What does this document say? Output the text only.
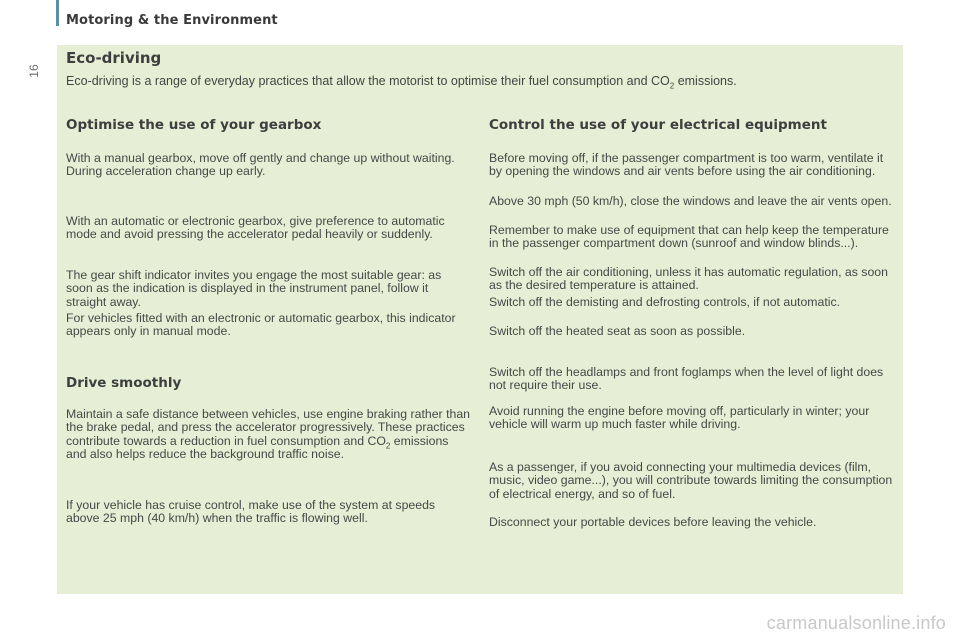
Motoring & the Environment
16
Eco-driving

Eco-driving is a range of everyday practices that allow the motorist to optimise their fuel consumption and $CO_2$ emissions.

Optimise the use of your gearbox

With a manual gearbox, move off gently and change up without waiting. During acceleration change up early.

With an automatic or electronic gearbox, give preference to automatic mode and avoid pressing the accelerator pedal heavily or suddenly.

The gear shift indicator invites you engage the most suitable gear: as soon as the indication is displayed in the instrument panel, follow it straight away.

For vehicles fitted with an electronic or automatic gearbox, this indicator appears only in manual mode.

Drive smoothly

Maintain a safe distance between vehicles, use engine braking rather than the brake pedal, and press the accelerator progressively. These practices contribute towards a reduction in fuel consumption and $CO_2$ emissions and also helps reduce the background traffic noise.

If your vehicle has cruise control, make use of the system at speeds above 25 mph (40 km/h) when the traffic is flowing well.

Control the use of your electrical equipment

Before moving off, if the passenger compartment is too warm, ventilate it by opening the windows and air vents before using the air conditioning.

Above 30 mph (50 km/h), close the windows and leave the air vents open.

Remember to make use of equipment that can help keep the temperature in the passenger compartment down (sunroof and window blinds...).

Switch off the air conditioning, unless it has automatic regulation, as soon as the desired temperature is attained.

Switch off the demisting and defrosting controls, if not automatic.

Switch off the heated seat as soon as possible.

Switch off the headlamps and front foglamps when the level of light does not require their use.

Avoid running the engine before moving off, particularly in winter; your vehicle will warm up much faster while driving.

As a passenger, if you avoid connecting your multimedia devices (film, music, video game...), you will contribute towards limiting the consumption of electrical energy, and so of fuel.

Disconnect your portable devices before leaving the vehicle.

carmanualsonline.info
